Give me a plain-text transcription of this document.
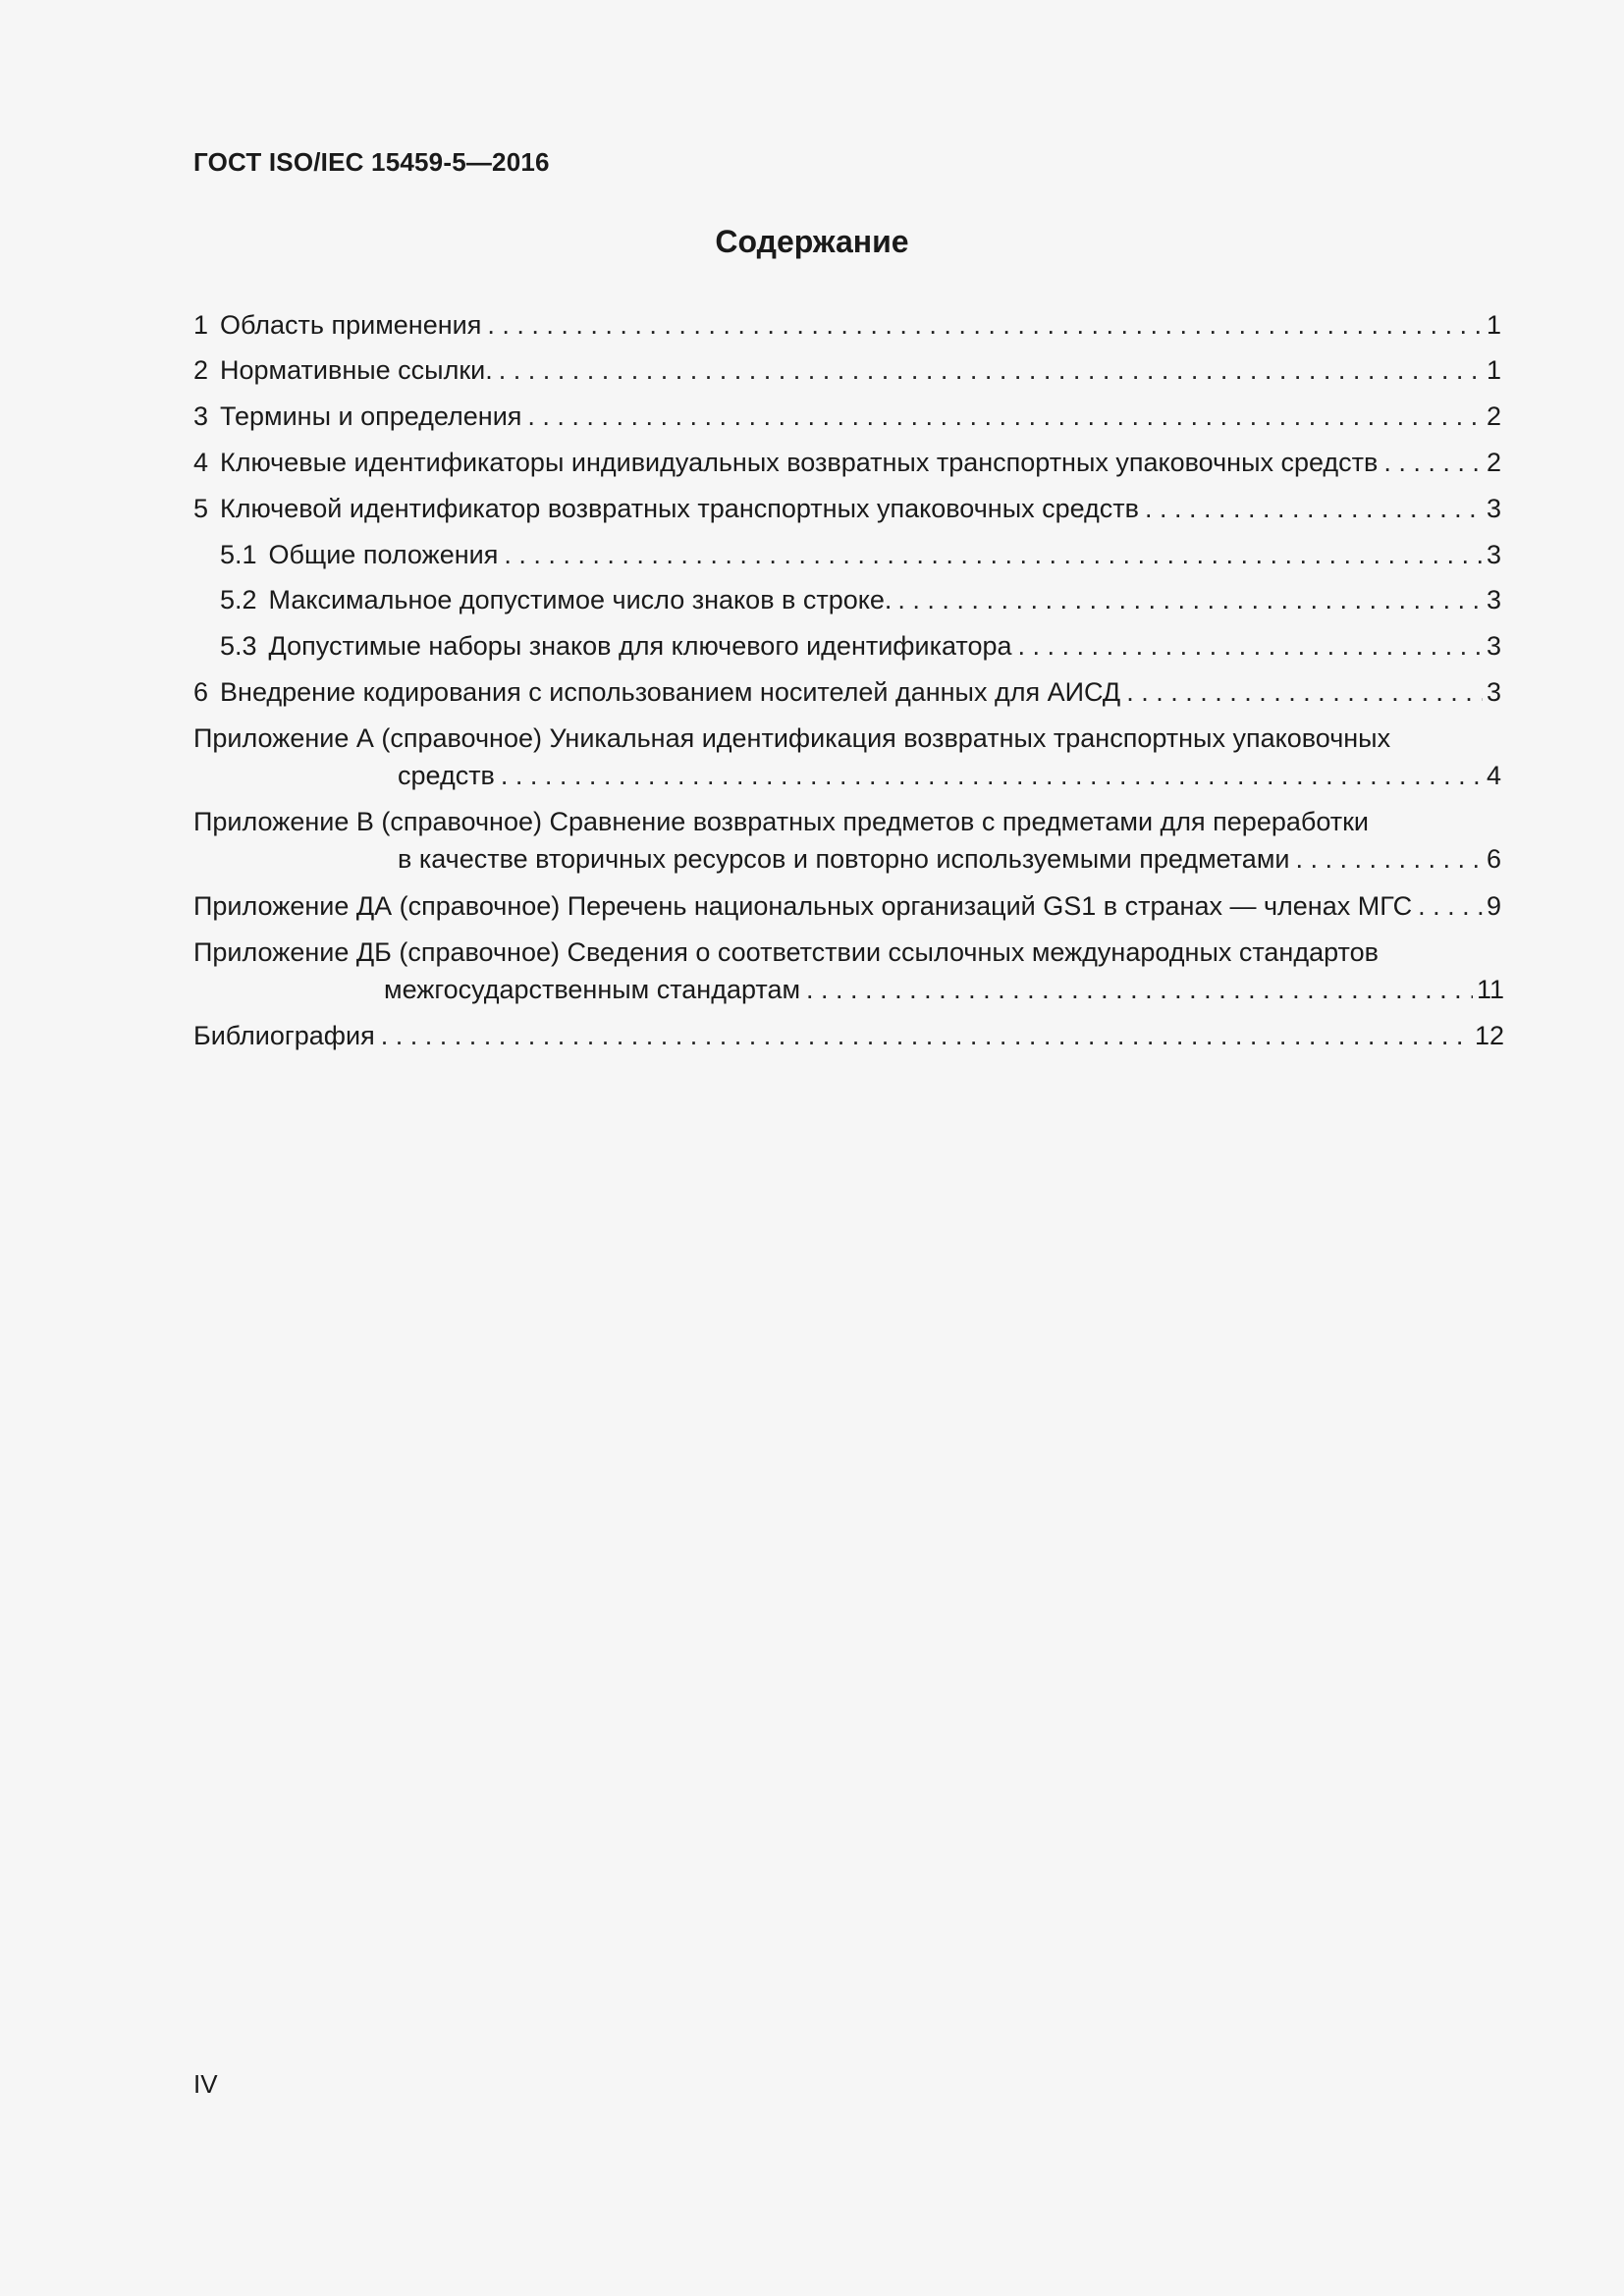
ГОСТ ISO/IEC 15459-5—2016
Содержание
1 Область применения . . .	1
2 Нормативные ссылки. . . .	1
3 Термины и определения . . .	2
4 Ключевые идентификаторы индивидуальных возвратных транспортных упаковочных средств . . .	2
5 Ключевой идентификатор возвратных транспортных упаковочных средств . . .	3
5.1 Общие положения . . .	3
5.2 Максимальное допустимое число знаков в строке. . . .	3
5.3 Допустимые наборы знаков для ключевого идентификатора . . .	3
6 Внедрение кодирования с использованием носителей данных для АИСД . . .	3
Приложение А (справочное) Уникальная идентификация возвратных транспортных упаковочных
средств . . .	4
Приложение В (справочное) Сравнение возвратных предметов с предметами для переработки
в качестве вторичных ресурсов и повторно используемыми предметами . . .	6
Приложение ДА (справочное) Перечень национальных организаций GS1 в странах — членах МГС . . .	9
Приложение ДБ (справочное) Сведения о соответствии ссылочных международных стандартов
межгосударственным стандартам . . .	11
Библиография . . .	12
IV
